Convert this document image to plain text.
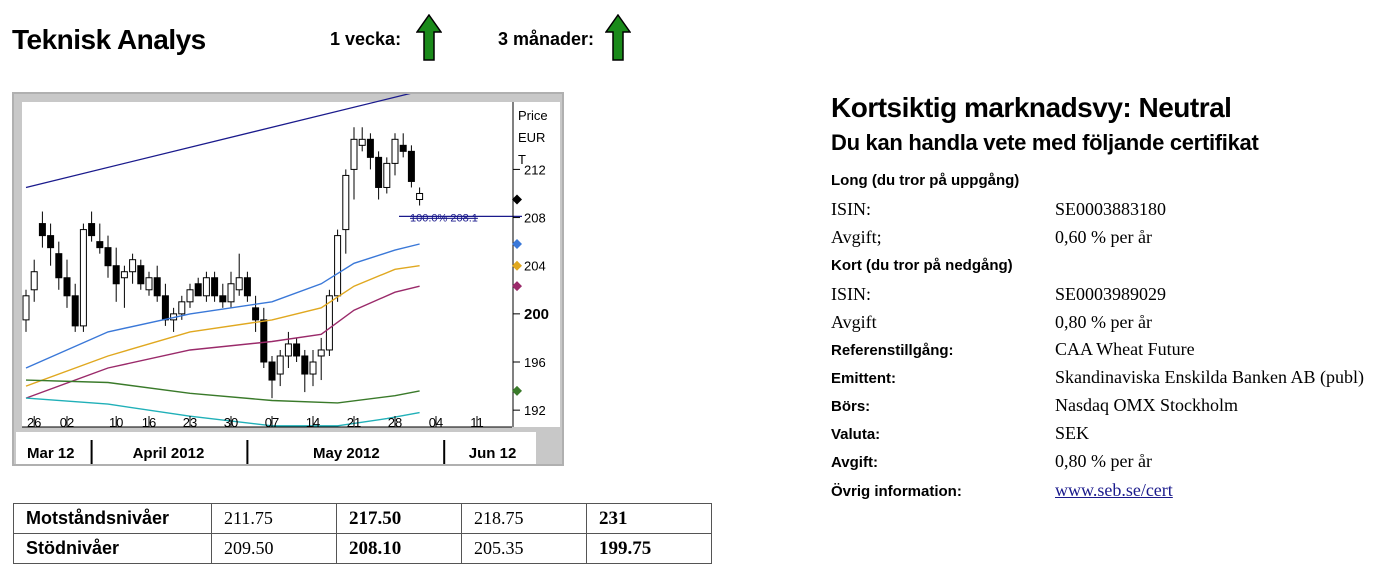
Teknisk Analys	1 vecka:	3 månader:
100.0% 208.1
Price
EUR
T
192
196
200
204
208
212
26 02	10 16 23 30 07 14 21 28 04 11
Mar 12	April 2012	May 2012	Jun 12
Kortsiktig marknadsvy: Neutral
Du kan handla vete med följande certifikat
Long (du tror på uppgång)
ISIN:	SE0003883180
Avgift;	0,60 % per år
Kort (du tror på nedgång)
ISIN:	SE0003989029
Avgift	0,80 % per år
Referenstillgång:	CAA Wheat Future
Emittent:	Skandinaviska Enskilda Banken AB (publ)
Börs:	Nasdaq OMX Stockholm
Valuta:	SEK
Avgift:	0,80 % per år
Övrig information:	www.seb.se/cert
Motståndsnivåer	211.75	217.50	218.75	231
Stödnivåer	209.50	208.10	205.35	199.75
